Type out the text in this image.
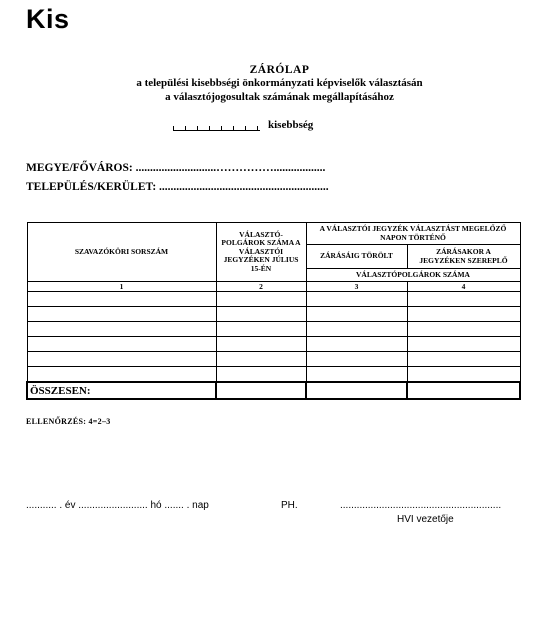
Kis
ZÁRÓLAP
a települési kisebbségi önkormányzati képviselők választásán
a választójogosultak számának megállapításához
kisebbség
MEGYE/FŐVÁROS: ............................……………..................
TELEPÜLÉS/KERÜLET: ...........................................................
SZAVAZÓKÖRI SORSZÁM	VÁLASZTÓ-POLGÁROK SZÁMA A VÁLASZTÓI JEGYZÉKEN JÚLIUS 15-ÉN	A VÁLASZTÓI JEGYZÉK VÁLASZTÁST MEGELŐZŐ NAPON TÖRTÉNŐ	
		ZÁRÁSÁIG TÖRÖLT	ZÁRÁSAKOR A JEGYZÉKEN SZEREPLŐ
		VÁLASZTÓPOLGÁROK SZÁMA	
1	2	3	4

ÖSSZESEN:			
ELLENŐRZÉS: 4=2–3
........... . év ......................... hó ....... . nap	PH.	..........................................................
HVI vezetője
